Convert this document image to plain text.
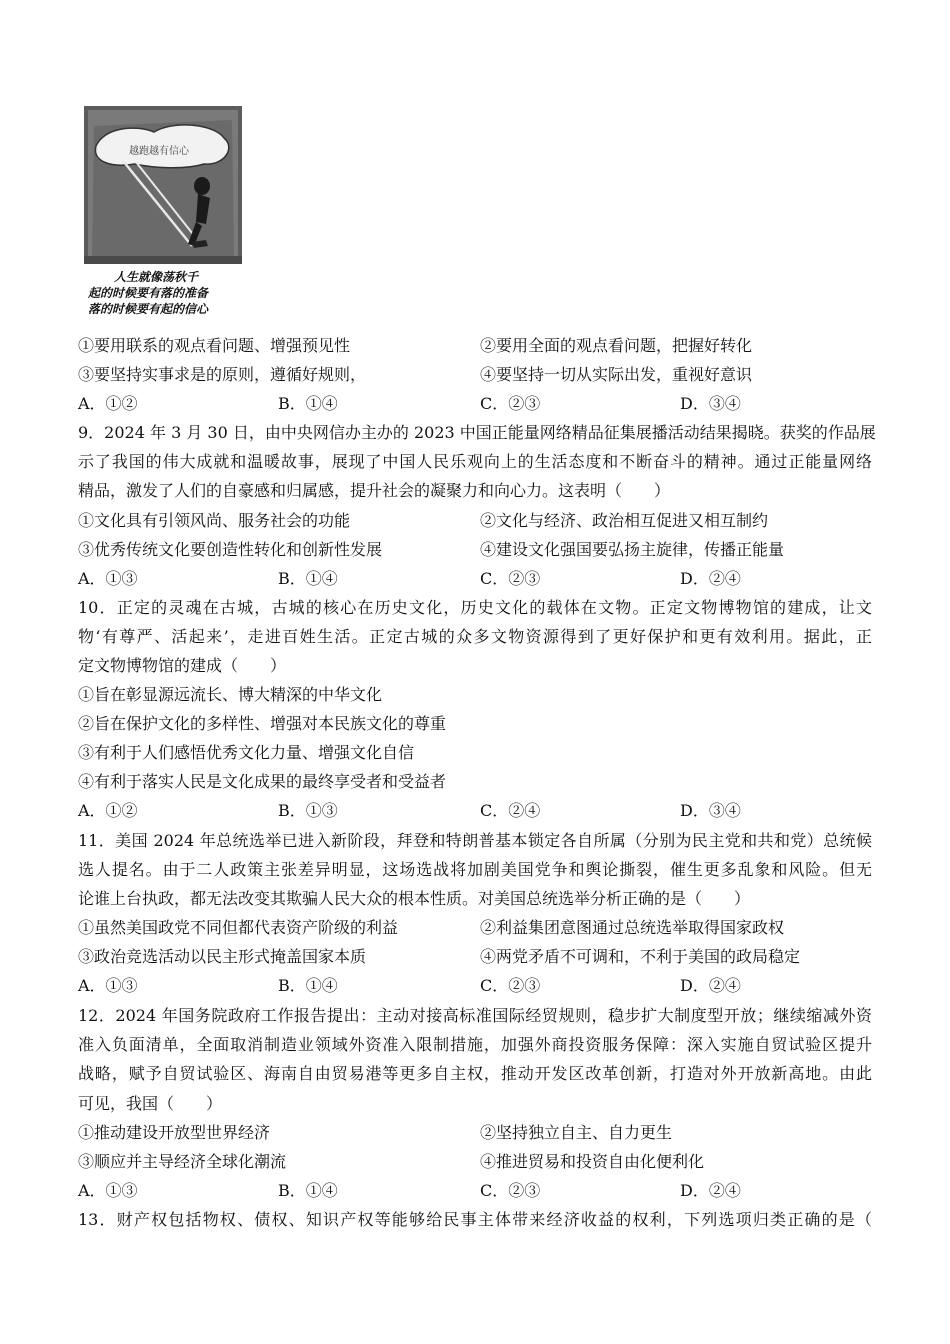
越跑越有信心
人生就像荡秋千
起的时候要有落的准备
落的时候要有起的信心
①要用联系的观点看问题、增强预见性	②要用全面的观点看问题，把握好转化
③要坚持实事求是的原则，遵循好规则，	④要坚持一切从实际出发，重视好意识
A．①②	B．①④	C．②③	D．③④
9．2024 年 3 月 30 日，由中央网信办主办的 2023 中国正能量网络精品征集展播活动结果揭晓。获奖的作品展
示了我国的伟大成就和温暖故事，展现了中国人民乐观向上的生活态度和不断奋斗的精神。通过正能量网络
精品，激发了人们的自豪感和归属感，提升社会的凝聚力和向心力。这表明（　　）
①文化具有引领风尚、服务社会的功能	②文化与经济、政治相互促进又相互制约
③优秀传统文化要创造性转化和创新性发展	④建设文化强国要弘扬主旋律，传播正能量
A．①③	B．①④	C．②③	D．②④
10．正定的灵魂在古城，古城的核心在历史文化，历史文化的载体在文物。正定文物博物馆的建成，让文
物‘有尊严、活起来’，走进百姓生活。正定古城的众多文物资源得到了更好保护和更有效利用。据此，正
定文物博物馆的建成（　　）
①旨在彰显源远流长、博大精深的中华文化
②旨在保护文化的多样性、增强对本民族文化的尊重
③有利于人们感悟优秀文化力量、增强文化自信
④有利于落实人民是文化成果的最终享受者和受益者
A．①②	B．①③	C．②④	D．③④
11．美国 2024 年总统选举已进入新阶段，拜登和特朗普基本锁定各自所属（分别为民主党和共和党）总统候
选人提名。由于二人政策主张差异明显，这场选战将加剧美国党争和舆论撕裂，催生更多乱象和风险。但无
论谁上台执政，都无法改变其欺骗人民大众的根本性质。对美国总统选举分析正确的是（　　）
①虽然美国政党不同但都代表资产阶级的利益	②利益集团意图通过总统选举取得国家政权
③政治竞选活动以民主形式掩盖国家本质	④两党矛盾不可调和，不利于美国的政局稳定
A．①③	B．①④	C．②③	D．②④
12．2024 年国务院政府工作报告提出：主动对接高标准国际经贸规则，稳步扩大制度型开放；继续缩减外资
准入负面清单，全面取消制造业领域外资准入限制措施，加强外商投资服务保障：深入实施自贸试验区提升
战略，赋予自贸试验区、海南自由贸易港等更多自主权，推动开发区改革创新，打造对外开放新高地。由此
可见，我国（　　）
①推动建设开放型世界经济	②坚持独立自主、自力更生
③顺应并主导经济全球化潮流	④推进贸易和投资自由化便利化
A．①③	B．①④	C．②③	D．②④
13．财产权包括物权、债权、知识产权等能够给民事主体带来经济收益的权利，下列选项归类正确的是（
